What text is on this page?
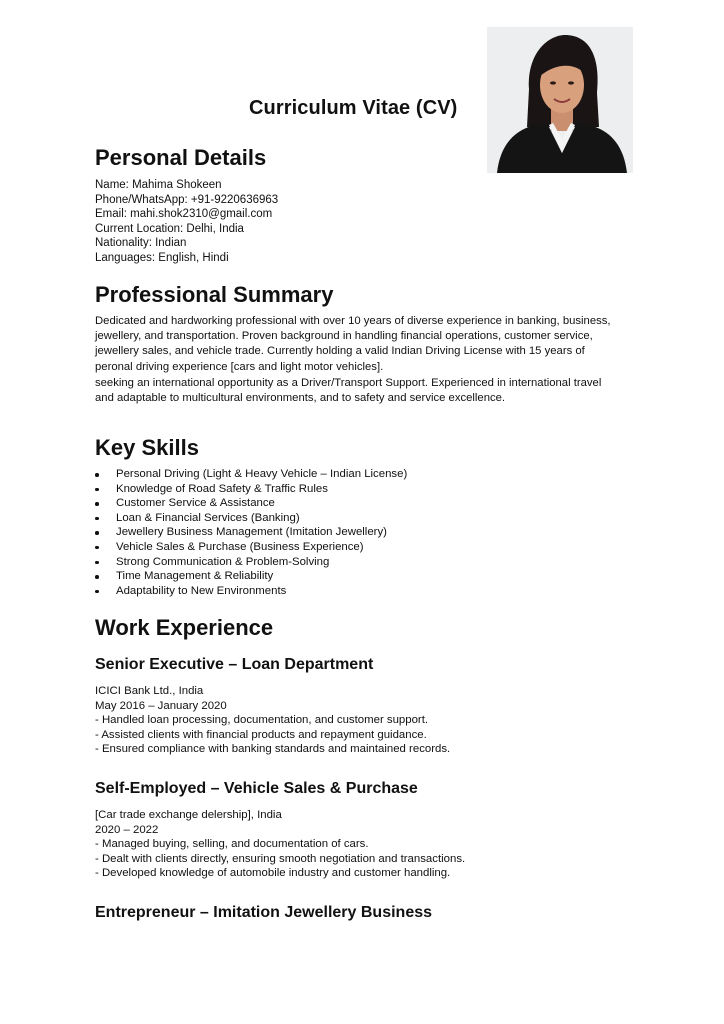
Curriculum Vitae (CV)
Personal Details
Name: Mahima Shokeen
Phone/WhatsApp: +91-9220636963
Email: mahi.shok2310@gmail.com
Current Location: Delhi, India
Nationality: Indian
Languages: English, Hindi
Professional Summary

Dedicated and hardworking professional with over 10 years of diverse experience in banking, business, jewellery, and transportation. Proven background in handling financial operations, customer service, jewellery sales, and vehicle trade. Currently holding a valid Indian Driving License with 15 years of peronal driving experience [cars and light motor vehicles].

seeking an international opportunity as a Driver/Transport Support. Experienced in international travel and adaptable to multicultural environments, and to safety and service excellence.

Key Skills
Personal Driving (Light & Heavy Vehicle – Indian License)
Knowledge of Road Safety & Traffic Rules
Customer Service & Assistance
Loan & Financial Services (Banking)
Jewellery Business Management (Imitation Jewellery)
Vehicle Sales & Purchase (Business Experience)
Strong Communication & Problem-Solving
Time Management & Reliability
Adaptability to New Environments
Work Experience
Senior Executive – Loan Department
ICICI Bank Ltd., India
May 2016 – January 2020
- Handled loan processing, documentation, and customer support.
- Assisted clients with financial products and repayment guidance.
- Ensured compliance with banking standards and maintained records.
Self-Employed – Vehicle Sales & Purchase
[Car trade exchange delership], India
2020 – 2022
- Managed buying, selling, and documentation of cars.
- Dealt with clients directly, ensuring smooth negotiation and transactions.
- Developed knowledge of automobile industry and customer handling.
Entrepreneur – Imitation Jewellery Business
